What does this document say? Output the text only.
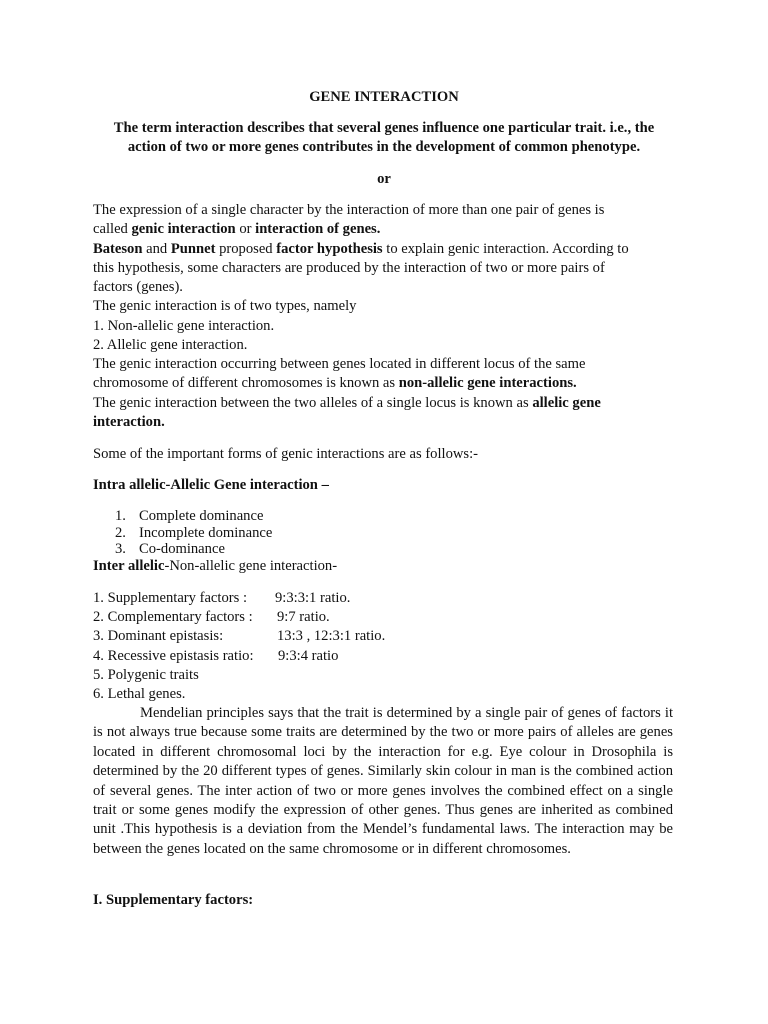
GENE INTERACTION
The term interaction describes that several genes influence one particular trait. i.e., the
action of two or more genes contributes in the development of common phenotype.
or
The expression of a single character by the interaction of more than one pair of genes is
called genic interaction or interaction of genes.
Bateson and Punnet proposed factor hypothesis to explain genic interaction. According to
this hypothesis, some characters are produced by the interaction of two or more pairs of
factors (genes).
The genic interaction is of two types, namely
1. Non-allelic gene interaction.
2. Allelic gene interaction.
The genic interaction occurring between genes located in different locus of the same
chromosome of different chromosomes is known as non-allelic gene interactions.
The genic interaction between the two alleles of a single locus is known as allelic gene
interaction.
Some of the important forms of genic interactions are as follows:-
Intra allelic-Allelic Gene interaction –
1. Complete dominance
2. Incomplete dominance
3. Co-dominance
Inter allelic-Non-allelic gene interaction-
1. Supplementary factors : 9:3:3:1 ratio.
2. Complementary factors : 9:7 ratio.
3. Dominant epistasis:	13:3 , 12:3:1 ratio.
4. Recessive epistasis ratio: 9:3:4 ratio
5. Polygenic traits
6. Lethal genes.
Mendelian principles says that the trait is determined by a single pair of genes of factors it is not always true because some traits are determined by the two or more pairs of alleles are genes located in different chromosomal loci by the interaction for e.g. Eye colour in Drosophila is determined by the 20 different types of genes. Similarly skin colour in man is the combined action of several genes. The inter action of two or more genes involves the combined effect on a single trait or some genes modify the expression of other genes. Thus genes are inherited as combined unit .This hypothesis is a deviation from the Mendel’s fundamental laws. The interaction may be between the genes located on the same chromosome or in different chromosomes.
I. Supplementary factors:
